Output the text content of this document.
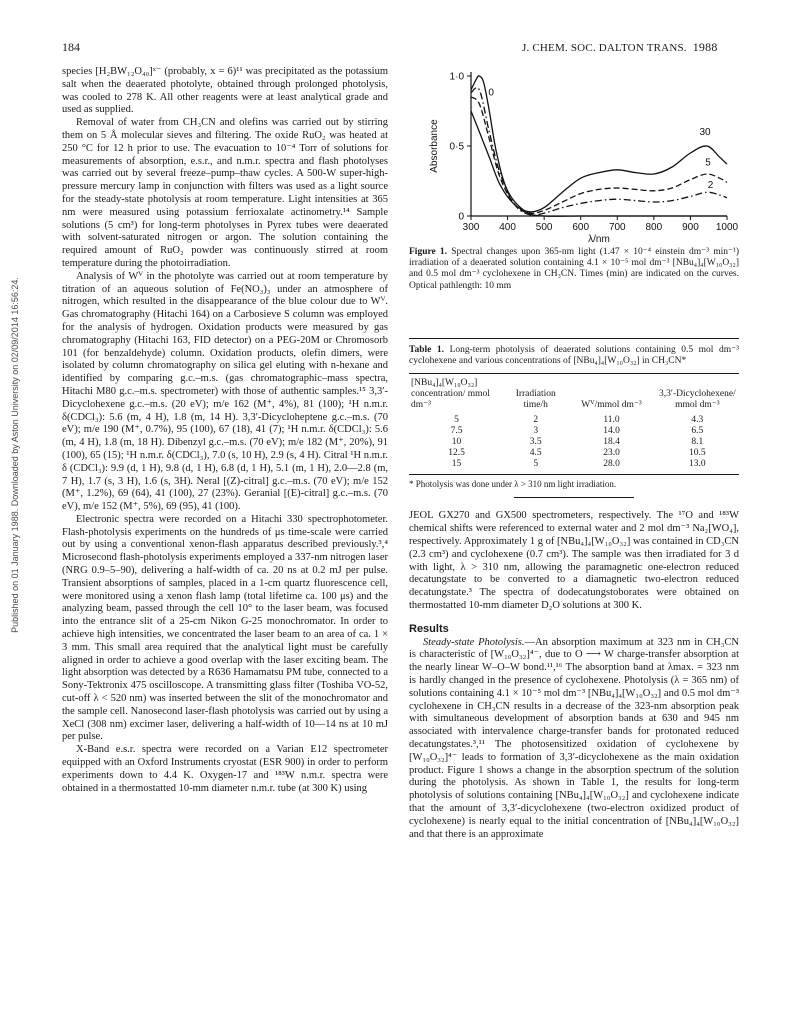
184	J. CHEM. SOC. DALTON TRANS. 1988
Published on 01 January 1988. Downloaded by Aston University on 02/09/2014 16:56:24.

species [H₂BW₁₂O₄₀]ˣ⁻ (probably, x = 6)¹¹ was precipitated as the potassium salt when the deaerated photolyte, obtained through prolonged photolysis, was cooled to 278 K. All other reagents were at least analytical grade and used as supplied.

Removal of water from CH₃CN and olefins was carried out by stirring them on 5 Å molecular sieves and filtering. The oxide RuO₂ was heated at 250 °C for 12 h prior to use. The evacuation to 10⁻⁴ Torr of solutions for measurements of absorption, e.s.r., and n.m.r. spectra and flash photolyses was carried out by several freeze–pump–thaw cycles. A 500-W super-high-pressure mercury lamp in conjunction with filters was used as a light source for the steady-state photolysis at room temperature. Light intensities at 365 nm were measured using potassium ferrioxalate actinometry.¹⁴ Sample solutions (5 cm³) for long-term photolyses in Pyrex tubes were deaerated with solvent-saturated nitrogen or argon. The solution containing the required amount of RuO₂ powder was continuously stirred at room temperature during the photoirradiation.

Analysis of Wⱽ in the photolyte was carried out at room temperature by titration of an aqueous solution of Fe(NO₃)₃ under an atmosphere of nitrogen, which resulted in the disappearance of the blue colour due to Wⱽ. Gas chromatography (Hitachi 164) on a Carbosieve S column was employed for the analysis of hydrogen. Oxidation products were measured by gas chromatography (Hitachi 163, FID detector) on a PEG-20M or Chromosorb 101 (for benzaldehyde) column. Oxidation products, olefin dimers, were isolated by column chromatography on silica gel eluting with n-hexane and identified by comparing g.c.–m.s. (gas chromatographic–mass spectra, Hitachi M80 g.c.–m.s. spectrometer) with those of authentic samples.¹⁵ 3,3′-Dicyclohexene g.c.–m.s. (20 eV); m/e 162 (M⁺, 4%), 81 (100); ¹H n.m.r. δ(CDCl₃): 5.6 (m, 4 H), 1.8 (m, 14 H). 3,3′-Dicycloheptene g.c.–m.s. (70 eV); m/e 190 (M⁺, 0.7%), 95 (100), 67 (18), 41 (7); ¹H n.m.r. δ(CDCl₃): 5.6 (m, 4 H), 1.8 (m, 18 H). Dibenzyl g.c.–m.s. (70 eV); m/e 182 (M⁺, 20%), 91 (100), 65 (15); ¹H n.m.r. δ(CDCl₃), 7.0 (s, 10 H), 2.9 (s, 4 H). Citral ¹H n.m.r. δ (CDCl₃): 9.9 (d, 1 H), 9.8 (d, 1 H), 6.8 (d, 1 H), 5.1 (m, 1 H), 2.0—2.8 (m, 7 H), 1.7 (s, 3 H), 1.6 (s, 3H). Neral [(Z)-citral] g.c.–m.s. (70 eV); m/e 152 (M⁺, 1.2%), 69 (64), 41 (100), 27 (23%). Geranial [(E)-citral] g.c.–m.s. (70 eV), m/e 152 (M⁺, 5%), 69 (95), 41 (100).

Electronic spectra were recorded on a Hitachi 330 spectrophotometer. Flash-photolysis experiments on the hundreds of μs time-scale were carried out by using a conventional xenon-flash apparatus described previously.³,⁴ Microsecond flash-photolysis experiments employed a 337-nm nitrogen laser (NRG 0.9–5–90), delivering a half-width of ca. 20 ns at 0.2 mJ per pulse. Transient absorptions of samples, placed in a 1-cm quartz fluorescence cell, were monitored using a xenon flash lamp (total lifetime ca. 100 μs) and the analyzing beam, passed through the cell 10° to the laser beam, was focused into the entrance slit of a 25-cm Nikon G-25 monochromator. In order to achieve high intensities, we concentrated the laser beam to an area of ca. 1 × 3 mm. This small area required that the analytical light must be carefully aligned in order to achieve a good overlap with the laser exciting beam. The light absorption was detected by a R636 Hamamatsu PM tube, connected to a Sony-Tektronix 475 oscilloscope. A transmitting glass filter (Toshiba VO-52, cut-off λ < 520 nm) was inserted between the slit of the monochromator and the sample cell. Nanosecond laser-flash photolysis was carried out by using a XeCl (308 nm) excimer laser, delivering a half-width of 10—14 ns at 10 mJ per pulse.

X-Band e.s.r. spectra were recorded on a Varian E12 spectrometer equipped with an Oxford Instruments cryostat (ESR 900) in order to perform experiments down to 4.4 K. Oxygen-17 and ¹⁸³W n.m.r. spectra were obtained in a thermostatted 10-mm diameter n.m.r. tube (at 300 K) using

300 400 500 600 700 800 900 1000
0
0·5
1·0
λ/nm
Absorbance
0
30
5
2
Figure 1. Spectral changes upon 365-nm light (1.47 × 10⁻⁴ einstein dm⁻³ min⁻¹) irradiation of a deaerated solution containing 4.1 × 10⁻⁵ mol dm⁻³ [NBu₄]₄[W₁₀O₃₂] and 0.5 mol dm⁻³ cyclohexene in CH₃CN. Times (min) are indicated on the curves. Optical pathlength: 10 mm
Table 1. Long-term photolysis of deaerated solutions containing 0.5 mol dm⁻³ cyclohexene and various concentrations of [NBu₄]₄[W₁₀O₃₂] in CH₃CN*
[NBu₄]₄[W₁₀O₃₂] concentration/ mmol dm⁻³	Irradiation time/h	Wⱽ/mmol dm⁻³	3,3′-Dicyclohexene/ mmol dm⁻³

5	2	11.0	4.3
7.5	3	14.0	6.5
10	3.5	18.4	8.1
12.5	4.5	23.0	10.5
15	5	28.0	13.0
* Photolysis was done under λ > 310 nm light irradiation.

JEOL GX270 and GX500 spectrometers, respectively. The ¹⁷O and ¹⁸³W chemical shifts were referenced to external water and 2 mol dm⁻³ Na₂[WO₄], respectively. Approximately 1 g of [NBu₄]₄[W₁₀O₃₂] was contained in CD₃CN (2.3 cm³) and cyclohexene (0.7 cm³). The sample was then irradiated for 3 d with light, λ > 310 nm, allowing the paramagnetic one-electron reduced decatungstate to be converted to a diamagnetic two-electron reduced decatungstate.³ The spectra of dodecatungstoborates were obtained on thermostatted 10-mm diameter D₂O solutions at 300 K.

Results

Steady-state Photolysis.—An absorption maximum at 323 nm in CH₃CN is characteristic of [W₁₀O₃₂]⁴⁻, due to O ⟶ W charge-transfer absorption at the nearly linear W–O–W bond.¹¹,¹⁶ The absorption band at λmax. = 323 nm is hardly changed in the presence of cyclohexene. Photolysis (λ = 365 nm) of solutions containing 4.1 × 10⁻⁵ mol dm⁻³ [NBu₄]₄[W₁₀O₃₂] and 0.5 mol dm⁻³ cyclohexene in CH₃CN results in a decrease of the 323-nm absorption peak with simultaneous development of absorption bands at 630 and 945 nm associated with intervalence charge-transfer bands for protonated reduced decatungstates.³,¹¹ The photosensitized oxidation of cyclohexene by [W₁₀O₃₂]⁴⁻ leads to formation of 3,3′-dicyclohexene as the main oxidation product. Figure 1 shows a change in the absorption spectrum of the solution during the photolysis. As shown in Table 1, the results for long-term photolysis of solutions containing [NBu₄]₄[W₁₀O₃₂] and cyclohexene indicate that the amount of 3,3′-dicyclohexene (two-electron oxidized product of cyclohexene) is nearly equal to the initial concentration of [NBu₄]₄[W₁₀O₃₂] and that there is an approximate
